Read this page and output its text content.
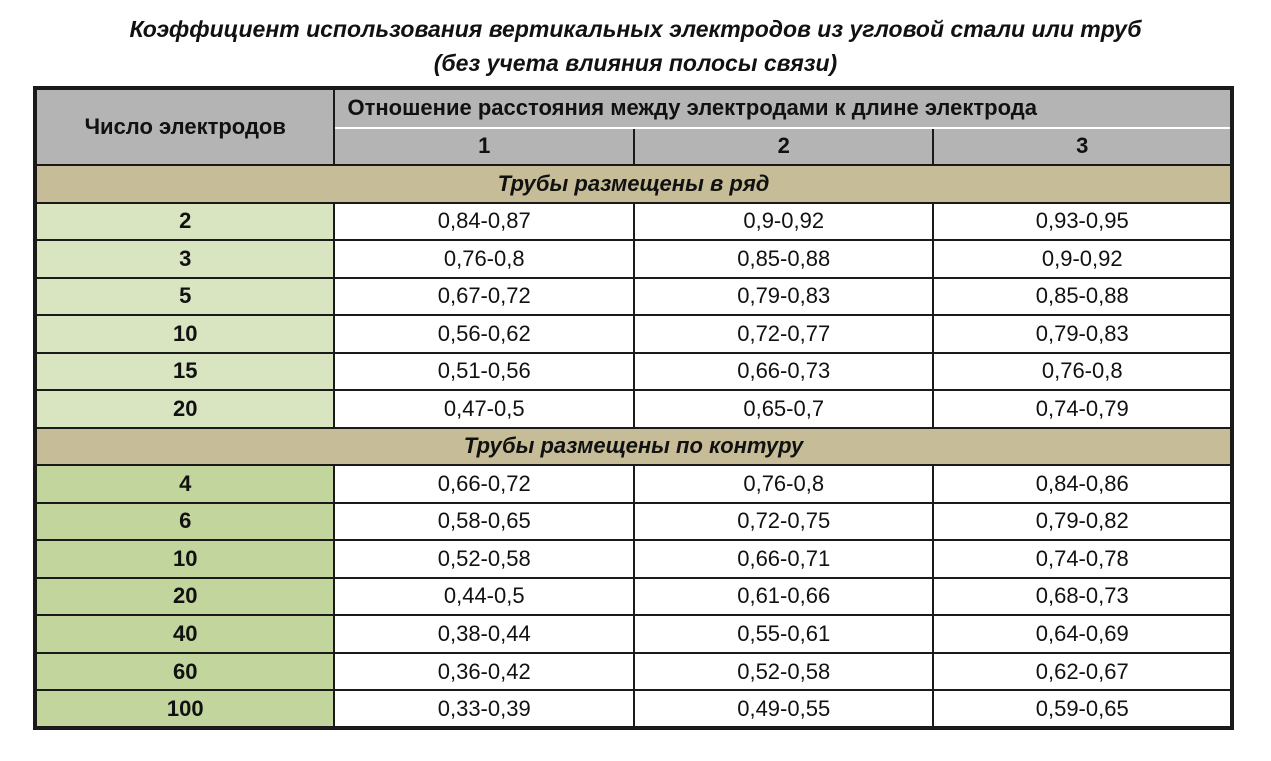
Коэффициент использования вертикальных электродов из угловой стали или труб
(без учета влияния полосы связи)
Число электродов	Отношение расстояния между электродами к длине электрода		
	1	2	3
Трубы размещены в ряд			
2	0,84-0,87	0,9-0,92	0,93-0,95
3	0,76-0,8	0,85-0,88	0,9-0,92
5	0,67-0,72	0,79-0,83	0,85-0,88
10	0,56-0,62	0,72-0,77	0,79-0,83
15	0,51-0,56	0,66-0,73	0,76-0,8
20	0,47-0,5	0,65-0,7	0,74-0,79
Трубы размещены по контуру			
4	0,66-0,72	0,76-0,8	0,84-0,86
6	0,58-0,65	0,72-0,75	0,79-0,82
10	0,52-0,58	0,66-0,71	0,74-0,78
20	0,44-0,5	0,61-0,66	0,68-0,73
40	0,38-0,44	0,55-0,61	0,64-0,69
60	0,36-0,42	0,52-0,58	0,62-0,67
100	0,33-0,39	0,49-0,55	0,59-0,65
